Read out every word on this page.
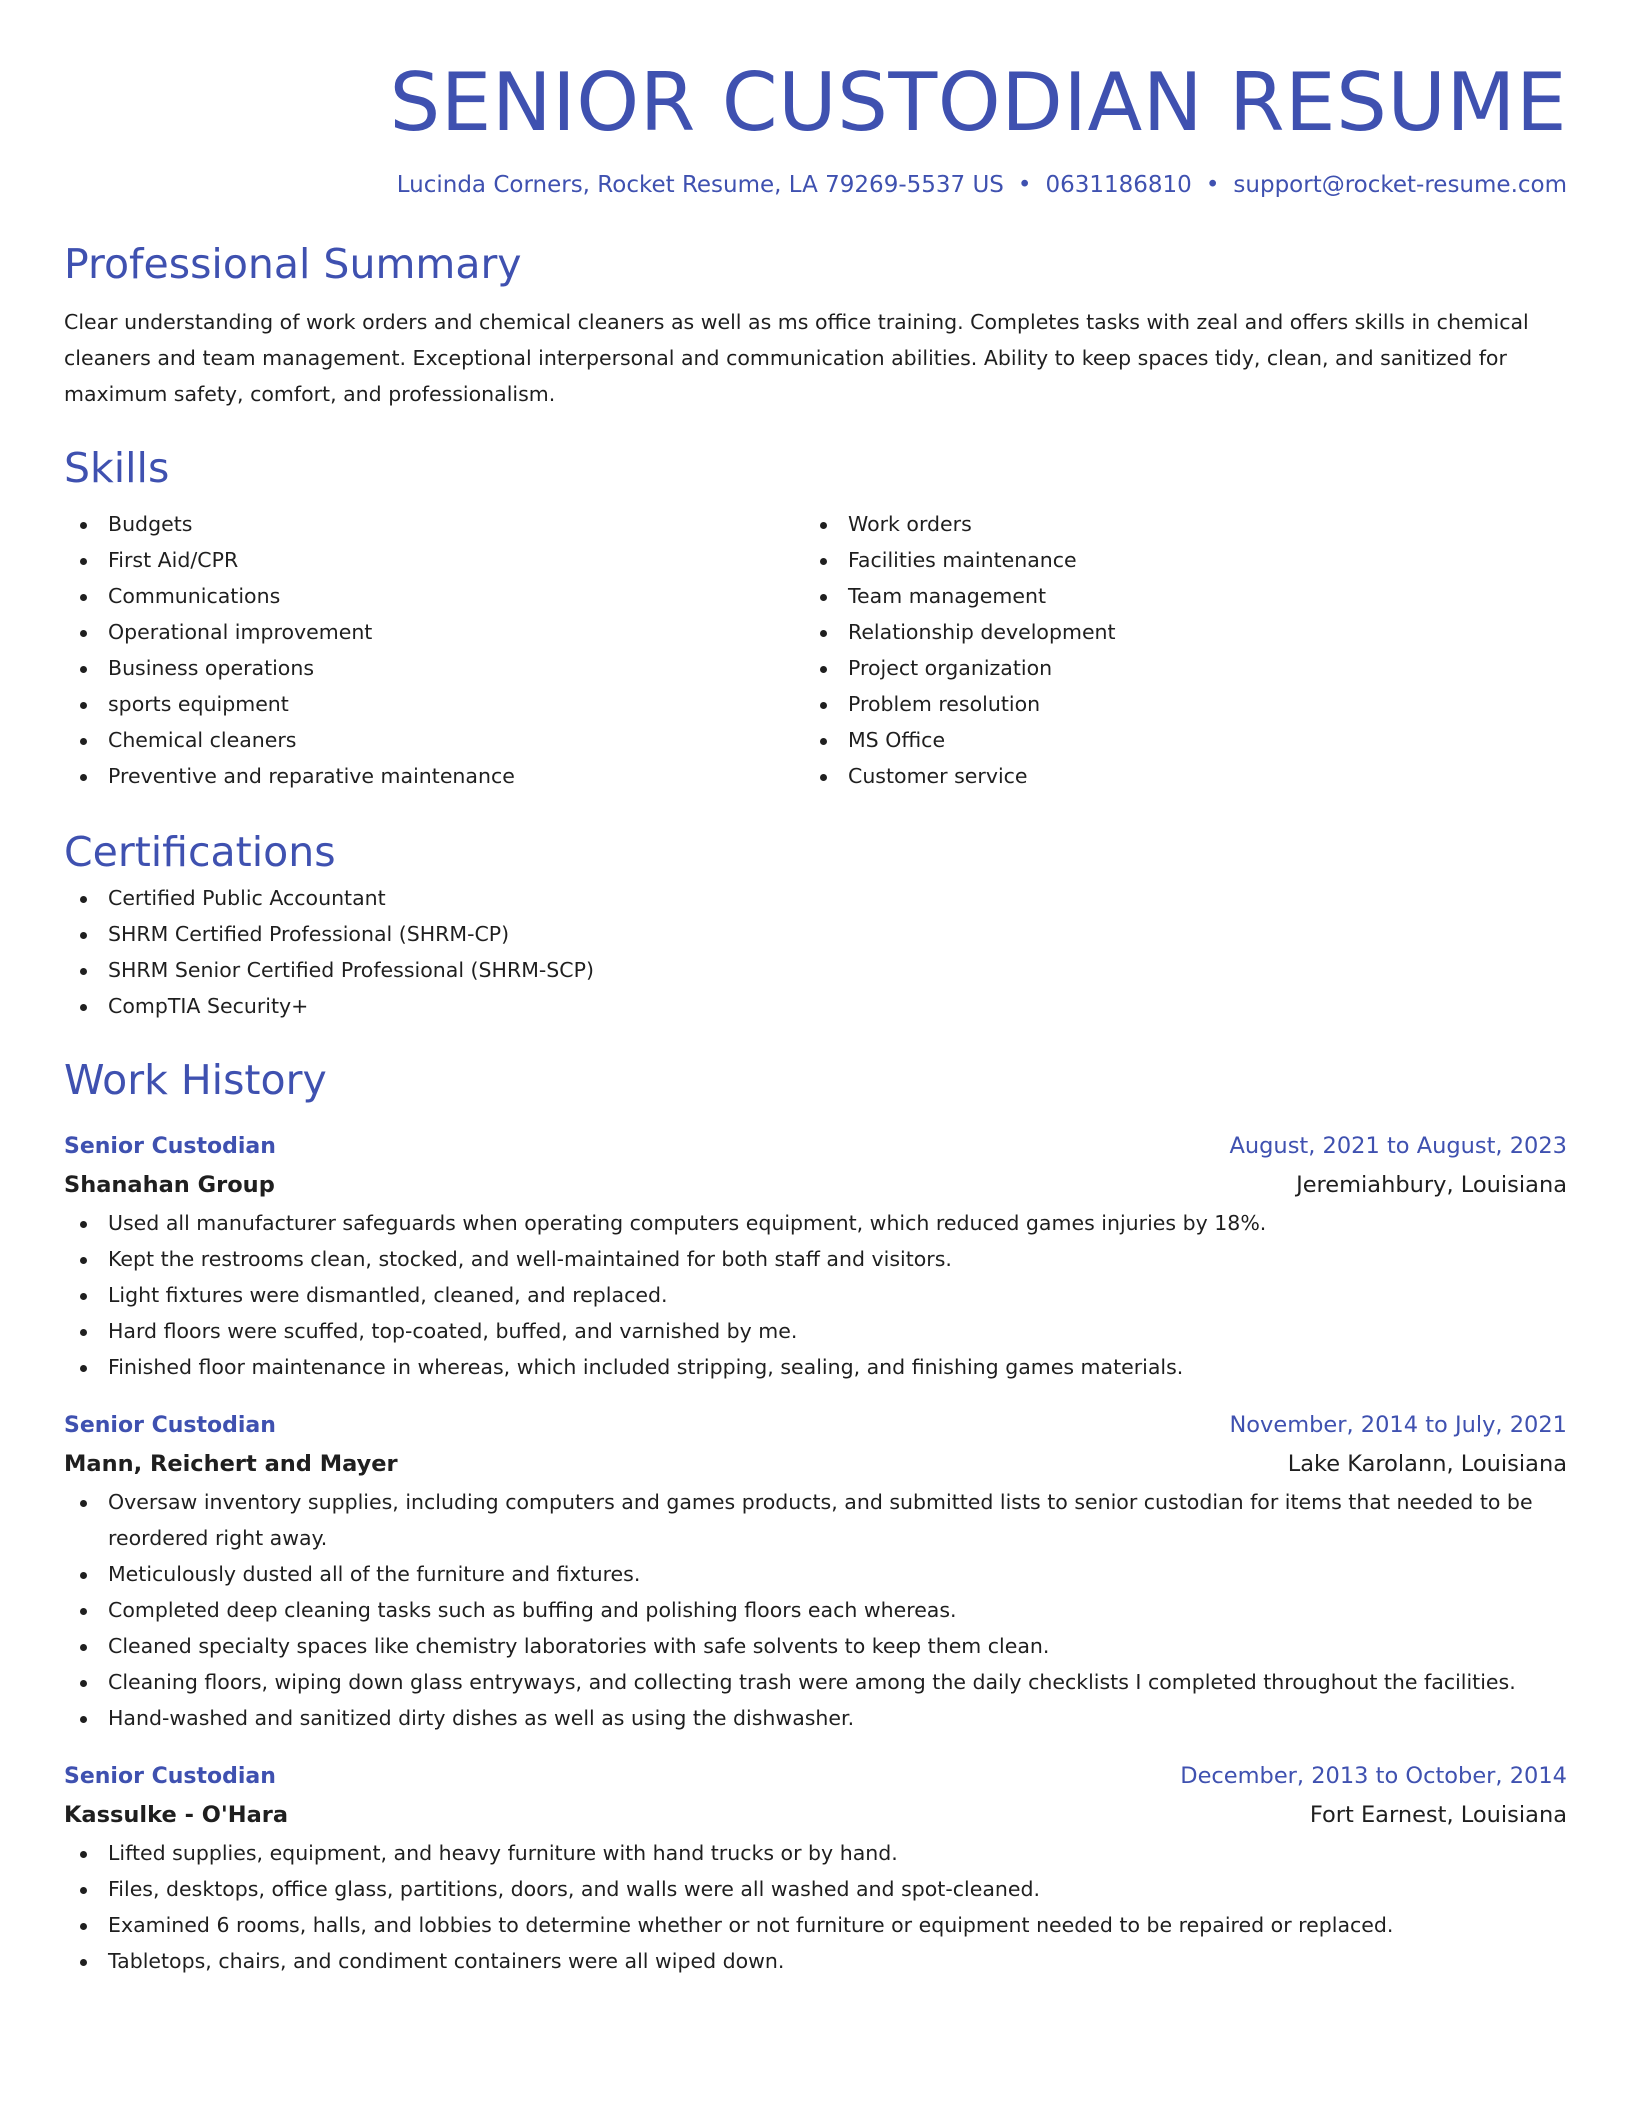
SENIOR CUSTODIAN RESUME
Lucinda Corners, Rocket Resume, LA 79269-5537 US • 0631186810 • support@rocket-resume.com
Professional Summary

Clear understanding of work orders and chemical cleaners as well as ms office training. Completes tasks with zeal and offers skills in chemical cleaners and team management. Exceptional interpersonal and communication abilities. Ability to keep spaces tidy, clean, and sanitized for maximum safety, comfort, and professionalism.

Skills
Budgets
First Aid/CPR
Communications
Operational improvement
Business operations
sports equipment
Chemical cleaners
Preventive and reparative maintenance
Work orders
Facilities maintenance
Team management
Relationship development
Project organization
Problem resolution
MS Office
Customer service
Certifications
Certified Public Accountant
SHRM Certified Professional (SHRM-CP)
SHRM Senior Certified Professional (SHRM-SCP)
CompTIA Security+
Work History
Senior Custodian	August, 2021 to August, 2023
Shanahan Group	Jeremiahbury, Louisiana
Used all manufacturer safeguards when operating computers equipment, which reduced games injuries by 18%.
Kept the restrooms clean, stocked, and well-maintained for both staff and visitors.
Light fixtures were dismantled, cleaned, and replaced.
Hard floors were scuffed, top-coated, buffed, and varnished by me.
Finished floor maintenance in whereas, which included stripping, sealing, and finishing games materials.
Senior Custodian	November, 2014 to July, 2021
Mann, Reichert and Mayer	Lake Karolann, Louisiana
Oversaw inventory supplies, including computers and games products, and submitted lists to senior custodian for items that needed to be reordered right away.
Meticulously dusted all of the furniture and fixtures.
Completed deep cleaning tasks such as buffing and polishing floors each whereas.
Cleaned specialty spaces like chemistry laboratories with safe solvents to keep them clean.
Cleaning floors, wiping down glass entryways, and collecting trash were among the daily checklists I completed throughout the facilities.
Hand-washed and sanitized dirty dishes as well as using the dishwasher.
Senior Custodian	December, 2013 to October, 2014
Kassulke - O'Hara	Fort Earnest, Louisiana
Lifted supplies, equipment, and heavy furniture with hand trucks or by hand.
Files, desktops, office glass, partitions, doors, and walls were all washed and spot-cleaned.
Examined 6 rooms, halls, and lobbies to determine whether or not furniture or equipment needed to be repaired or replaced.
Tabletops, chairs, and condiment containers were all wiped down.
